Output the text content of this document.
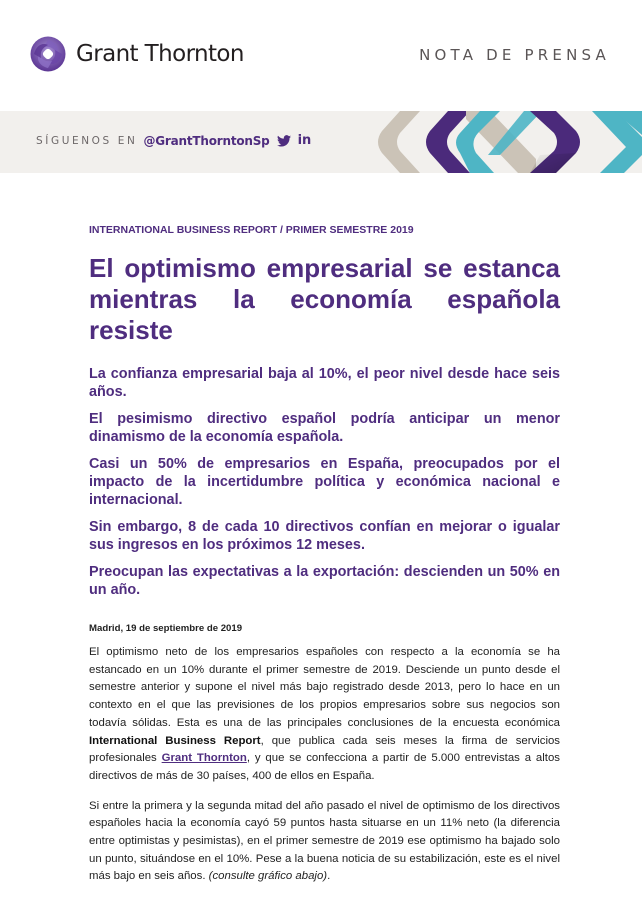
Grant Thornton	NOTA DE PRENSA
SÍGUENOS EN @GrantThorntonSp in
INTERNATIONAL BUSINESS REPORT / PRIMER SEMESTRE 2019
El optimismo empresarial se estanca mientras la economía española resiste

La confianza empresarial baja al 10%, el peor nivel desde hace seis años.

El pesimismo directivo español podría anticipar un menor dinamismo de la economía española.

Casi un 50% de empresarios en España, preocupados por el impacto de la incertidumbre política y económica nacional e internacional.

Sin embargo, 8 de cada 10 directivos confían en mejorar o igualar sus ingresos en los próximos 12 meses.

Preocupan las expectativas a la exportación: descienden un 50% en un año.

Madrid, 19 de septiembre de 2019

El optimismo neto de los empresarios españoles con respecto a la economía se ha estancado en un 10% durante el primer semestre de 2019. Desciende un punto desde el semestre anterior y supone el nivel más bajo registrado desde 2013, pero lo hace en un contexto en el que las previsiones de los propios empresarios sobre sus negocios son todavía sólidas. Esta es una de las principales conclusiones de la encuesta económica International Business Report, que publica cada seis meses la firma de servicios profesionales Grant Thornton, y que se confecciona a partir de 5.000 entrevistas a altos directivos de más de 30 países, 400 de ellos en España.

Si entre la primera y la segunda mitad del año pasado el nivel de optimismo de los directivos españoles hacia la economía cayó 59 puntos hasta situarse en un 11% neto (la diferencia entre optimistas y pesimistas), en el primer semestre de 2019 ese optimismo ha bajado solo un punto, situándose en el 10%. Pese a la buena noticia de su estabilización, este es el nivel más bajo en seis años. (consulte gráfico abajo).
